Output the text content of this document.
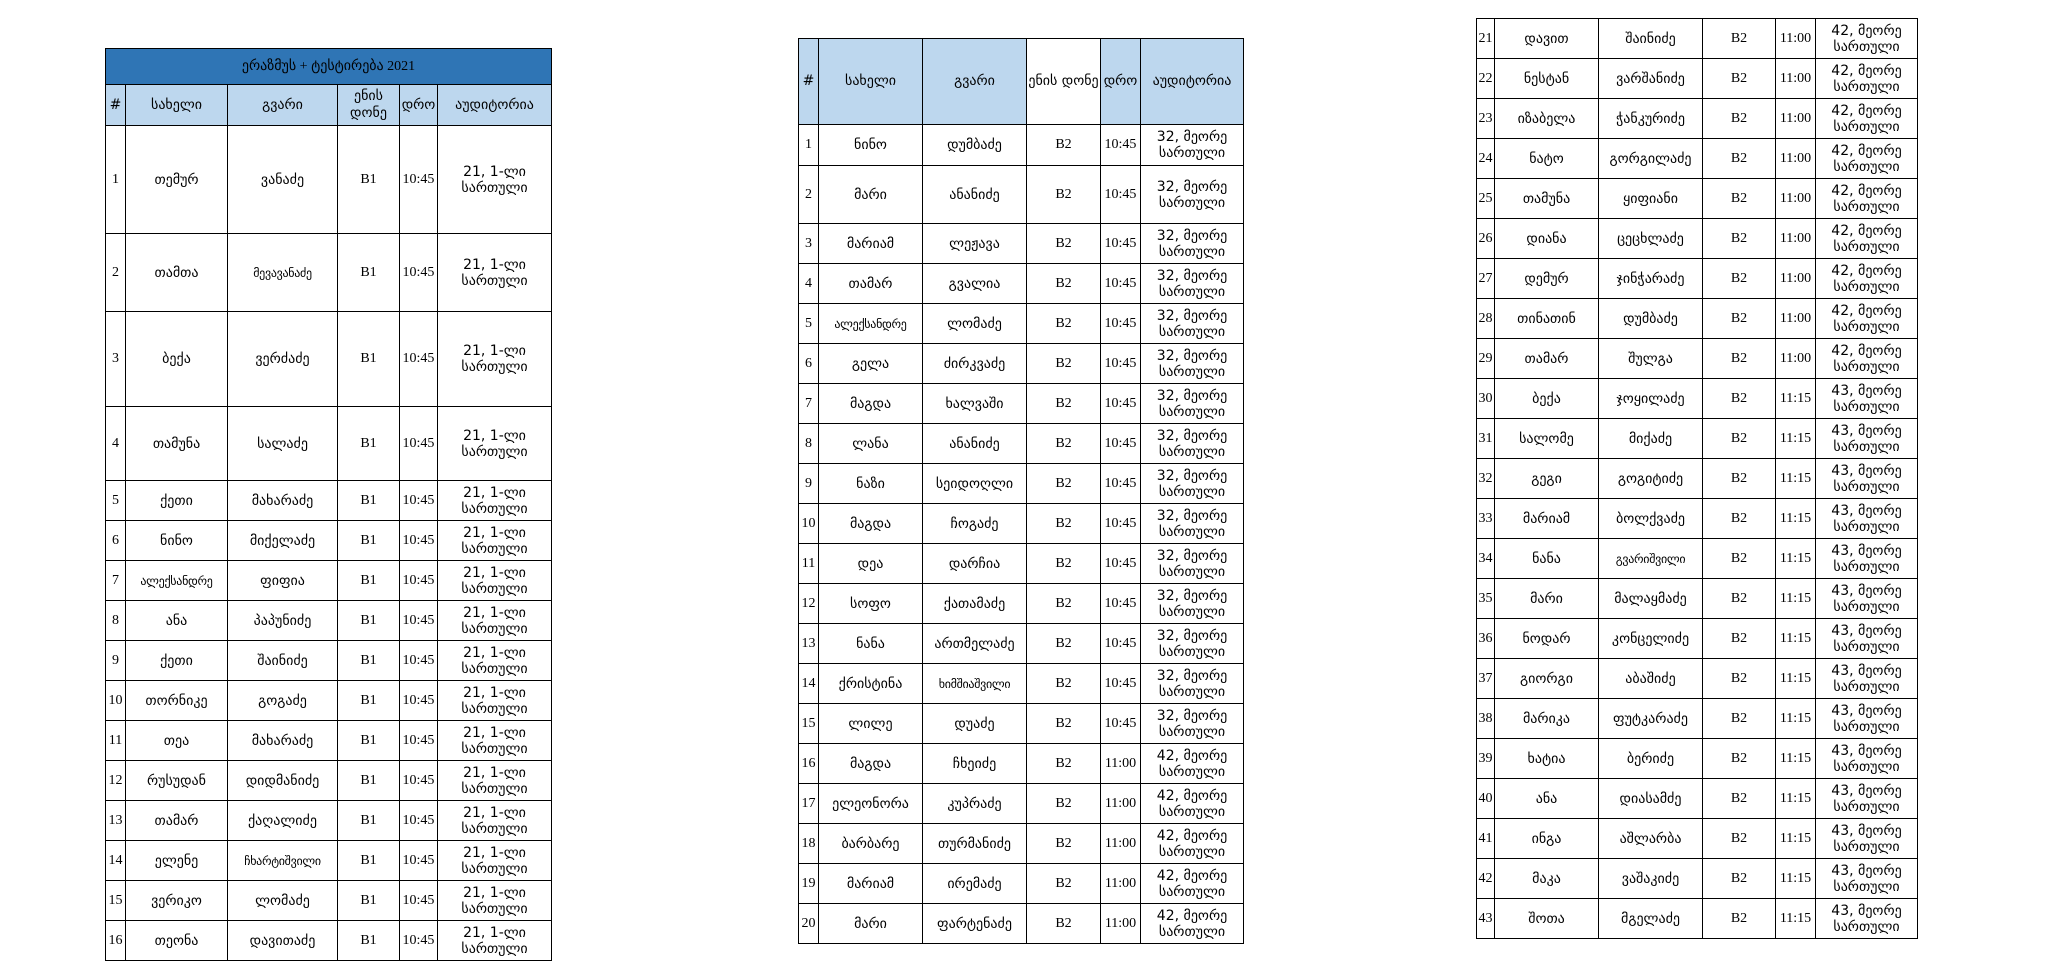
ერაზმუს + ტესტირება 2021					
#	სახელი	გვარი	ენის დონე	დრო	აუდიტორია
1	თემურ	ვანაძე	B1	10:45	21, 1-ლი სართული
2	თამთა	მევავანაძე	B1	10:45	21, 1-ლი სართული
3	ბექა	ვერძაძე	B1	10:45	21, 1-ლი სართული
4	თამუნა	სალაძე	B1	10:45	21, 1-ლი სართული
5	ქეთი	მახარაძე	B1	10:45	21, 1-ლი სართული
6	ნინო	მიქელაძე	B1	10:45	21, 1-ლი სართული
7	ალექსანდრე	ფიფია	B1	10:45	21, 1-ლი სართული
8	ანა	პაპუნიძე	B1	10:45	21, 1-ლი სართული
9	ქეთი	შაინიძე	B1	10:45	21, 1-ლი სართული
10	თორნიკე	გოგაძე	B1	10:45	21, 1-ლი სართული
11	თეა	მახარაძე	B1	10:45	21, 1-ლი სართული
12	რუსუდან	დიდმანიძე	B1	10:45	21, 1-ლი სართული
13	თამარ	ქაღალიძე	B1	10:45	21, 1-ლი სართული
14	ელენე	ჩხარტიშვილი	B1	10:45	21, 1-ლი სართული
15	ვერიკო	ლომაძე	B1	10:45	21, 1-ლი სართული
16	თეონა	დავითაძე	B1	10:45	21, 1-ლი სართული
#	სახელი	გვარი	ენის დონე	დრო	აუდიტორია
1	ნინო	დუმბაძე	B2	10:45	32, მეორე სართული
2	მარი	ანანიძე	B2	10:45	32, მეორე სართული
3	მარიამ	ლეჟავა	B2	10:45	32, მეორე სართული
4	თამარ	გვალია	B2	10:45	32, მეორე სართული
5	ალექსანდრე	ლომაძე	B2	10:45	32, მეორე სართული
6	გელა	ძირკვაძე	B2	10:45	32, მეორე სართული
7	მაგდა	ხალვაში	B2	10:45	32, მეორე სართული
8	ლანა	ანანიძე	B2	10:45	32, მეორე სართული
9	ნაზი	სეიდოღლი	B2	10:45	32, მეორე სართული
10	მაგდა	ჩოგაძე	B2	10:45	32, მეორე სართული
11	დეა	დარჩია	B2	10:45	32, მეორე სართული
12	სოფო	ქათამაძე	B2	10:45	32, მეორე სართული
13	ნანა	ართმელაძე	B2	10:45	32, მეორე სართული
14	ქრისტინა	ხიმშიაშვილი	B2	10:45	32, მეორე სართული
15	ლილე	დუაძე	B2	10:45	32, მეორე სართული
16	მაგდა	ჩხეიძე	B2	11:00	42, მეორე სართული
17	ელეონორა	კუპრაძე	B2	11:00	42, მეორე სართული
18	ბარბარე	თურმანიძე	B2	11:00	42, მეორე სართული
19	მარიამ	ირემაძე	B2	11:00	42, მეორე სართული
20	მარი	ფარტენაძე	B2	11:00	42, მეორე სართული
21	დავით	შაინიძე	B2	11:00	42, მეორე სართული
22	ნესტან	ვარშანიძე	B2	11:00	42, მეორე სართული
23	იზაბელა	ჭანკურიძე	B2	11:00	42, მეორე სართული
24	ნატო	გორგილაძე	B2	11:00	42, მეორე სართული
25	თამუნა	ყიფიანი	B2	11:00	42, მეორე სართული
26	დიანა	ცეცხლაძე	B2	11:00	42, მეორე სართული
27	დემურ	ჯინჭარაძე	B2	11:00	42, მეორე სართული
28	თინათინ	დუმბაძე	B2	11:00	42, მეორე სართული
29	თამარ	შულგა	B2	11:00	42, მეორე სართული
30	ბექა	ჯოყილაძე	B2	11:15	43, მეორე სართული
31	სალომე	მიქაძე	B2	11:15	43, მეორე სართული
32	გეგი	გოგიტიძე	B2	11:15	43, მეორე სართული
33	მარიამ	ბოლქვაძე	B2	11:15	43, მეორე სართული
34	ნანა	გვარიშვილი	B2	11:15	43, მეორე სართული
35	მარი	მალაყმაძე	B2	11:15	43, მეორე სართული
36	ნოდარ	კონცელიძე	B2	11:15	43, მეორე სართული
37	გიორგი	აბაშიძე	B2	11:15	43, მეორე სართული
38	მარიკა	ფუტკარაძე	B2	11:15	43, მეორე სართული
39	ხატია	ბერიძე	B2	11:15	43, მეორე სართული
40	ანა	დიასამძე	B2	11:15	43, მეორე სართული
41	ინგა	აშლარბა	B2	11:15	43, მეორე სართული
42	მაკა	ვაშაკიძე	B2	11:15	43, მეორე სართული
43	შოთა	მგელაძე	B2	11:15	43, მეორე სართული
